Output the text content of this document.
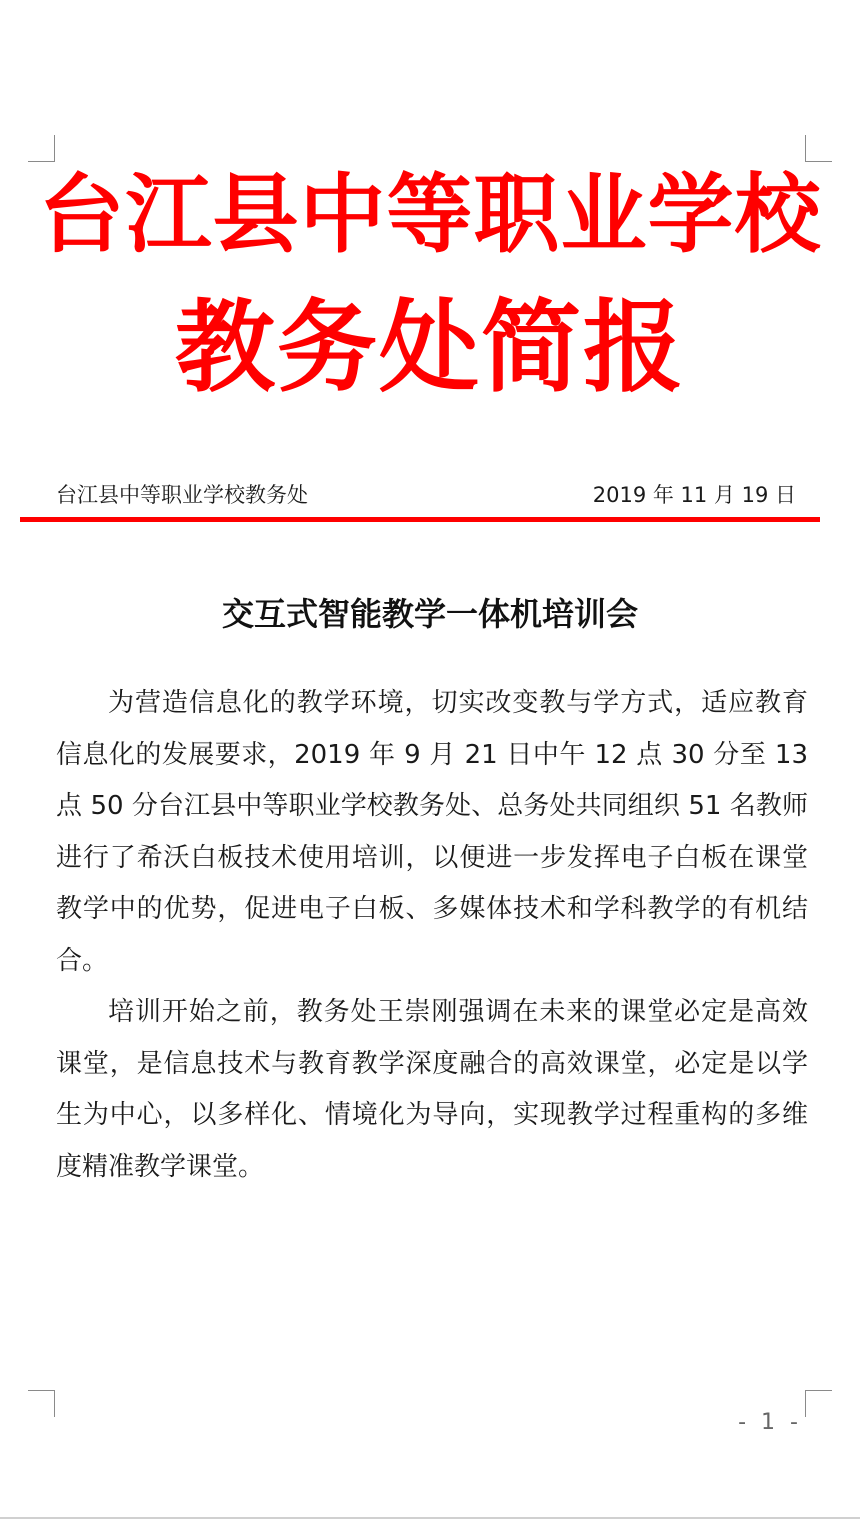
台江县中等职业学校
教务处简报
台江县中等职业学校教务处	2019 年 11 月 19 日
交互式智能教学一体机培训会

为营造信息化的教学环境，切实改变教与学方式，适应教育信息化的发展要求，2019 年 9 月 21 日中午 12 点 30 分至 13 点 50 分台江县中等职业学校教务处、总务处共同组织 51 名教师进行了希沃白板技术使用培训，以便进一步发挥电子白板在课堂教学中的优势，促进电子白板、多媒体技术和学科教学的有机结合。

培训开始之前，教务处王崇刚强调在未来的课堂必定是高效课堂，是信息技术与教育教学深度融合的高效课堂，必定是以学生为中心，以多样化、情境化为导向，实现教学过程重构的多维度精准教学课堂。

- 1 -
